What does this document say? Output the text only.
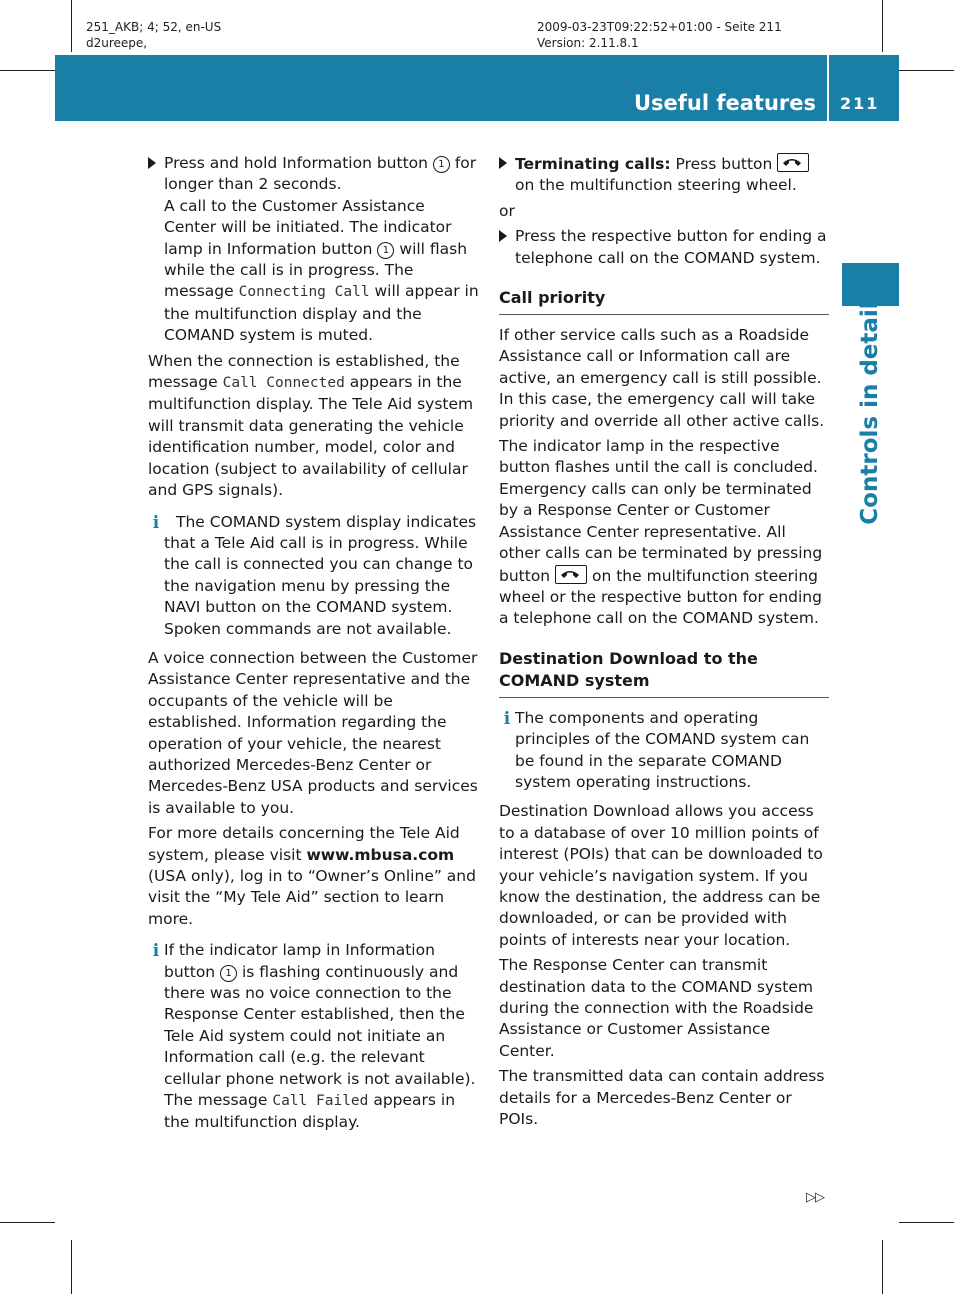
251_AKB; 4; 52, en-US
d2ureepe,
2009-03-23T09:22:52+01:00 - Seite 211
Version: 2.11.8.1
Useful features 211
Controls in detail
Press and hold Information button 1 for longer than 2 seconds.
A call to the Customer Assistance Center will be initiated. The indicator lamp in Information button 1 will flash while the call is in progress. The message Connecting Call will appear in the multifunction display and the COMAND system is muted.

When the connection is established, the message Call Connected appears in the multifunction display. The Tele Aid system will transmit data generating the vehicle identification number, model, color and location (subject to availability of cellular and GPS signals).

i	The COMAND system display indicates that a Tele Aid call is in progress. While the call is connected you can change to the navigation menu by pressing the NAVI button on the COMAND system. Spoken commands are not available.

A voice connection between the Customer Assistance Center representative and the occupants of the vehicle will be established. Information regarding the operation of your vehicle, the nearest authorized Mercedes-Benz Center or Mercedes-Benz USA products and services is available to you.

For more details concerning the Tele Aid system, please visit www.mbusa.com (USA only), log in to “Owner’s Online” and visit the “My Tele Aid” section to learn more.

i If the indicator lamp in Information button 1 is flashing continuously and there was no voice connection to the Response Center established, then the Tele Aid system could not initiate an Information call (e.g. the relevant cellular phone network is not available). The message Call Failed appears in the multifunction display.
Terminating calls: Press button
on the multifunction steering wheel.

or

Press the respective button for ending a telephone call on the COMAND system.
Call priority

If other service calls such as a Roadside Assistance call or Information call are active, an emergency call is still possible. In this case, the emergency call will take priority and override all other active calls.

The indicator lamp in the respective button flashes until the call is concluded. Emergency calls can only be terminated by a Response Center or Customer Assistance Center representative. All other calls can be terminated by pressing button	on the multifunction steering wheel or the respective button for ending a telephone call on the COMAND system.

Destination Download to the COMAND system
i The components and operating principles of the COMAND system can be found in the separate COMAND system operating instructions.

Destination Download allows you access to a database of over 10 million points of interest (POIs) that can be downloaded to your vehicle’s navigation system. If you know the destination, the address can be downloaded, or can be provided with points of interests near your location.

The Response Center can transmit destination data to the COMAND system during the connection with the Roadside Assistance or Customer Assistance Center.

The transmitted data can contain address details for a Mercedes-Benz Center or POIs.

▷▷
